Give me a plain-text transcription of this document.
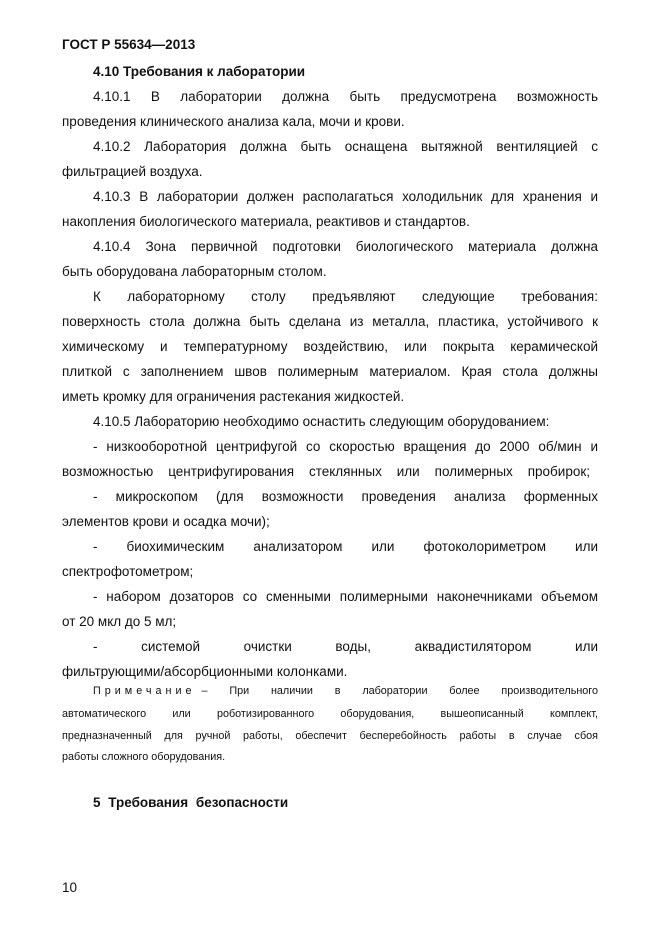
ГОСТ Р 55634—2013
4.10 Требования к лаборатории
4.10.1 В лаборатории должна быть предусмотрена возможность
проведения клинического анализа кала, мочи и крови.
4.10.2 Лаборатория должна быть оснащена вытяжной вентиляцией с
фильтрацией воздуха.
4.10.3 В лаборатории должен располагаться холодильник для хранения и
накопления биологического материала, реактивов и стандартов.
4.10.4 Зона первичной подготовки биологического материала должна
быть оборудована лабораторным столом.
К лабораторному столу предъявляют следующие требования:
поверхность стола должна быть сделана из металла, пластика, устойчивого к
химическому и температурному воздействию, или покрыта керамической
плиткой с заполнением швов полимерным материалом. Края стола должны
иметь кромку для ограничения растекания жидкостей.
4.10.5 Лабораторию необходимо оснастить следующим оборудованием:
- низкооборотной центрифугой со скоростью вращения до 2000 об/мин и
возможностью центрифугирования стеклянных или полимерных пробирок;
- микроскопом (для возможности проведения анализа форменных
элементов крови и осадка мочи);
- биохимическим анализатором или фотоколориметром или
спектрофотометром;
- набором дозаторов со сменными полимерными наконечниками объемом
от 20 мкл до 5 мл;
- системой очистки воды, аквадистилятором или
фильтрующими/абсорбционными колонками.
Примечание – При наличии в лаборатории более производительного
автоматического или роботизированного оборудования, вышеописанный комплект,
предназначенный для ручной работы, обеспечит бесперебойность работы в случае сбоя
работы сложного оборудования.
5 Требования безопасности
10
